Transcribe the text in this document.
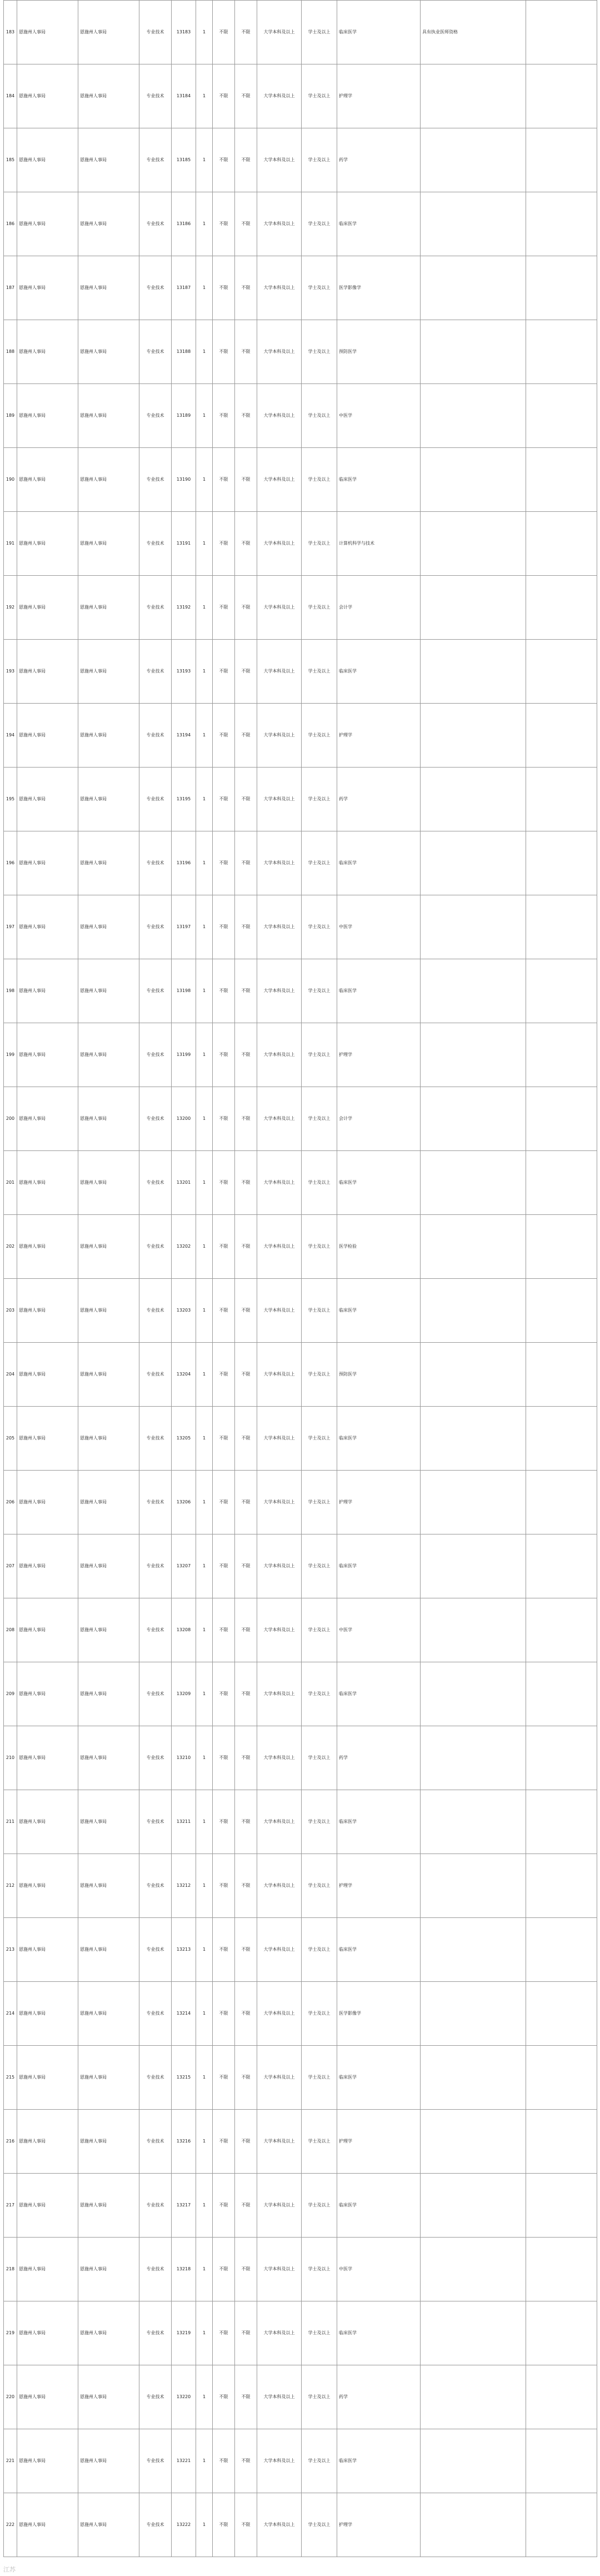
183	恩施州人事局	恩施州人事局	专业技术	13183	1	不限	不限	大学本科及以上	学士及以上	临床医学	具有执业医师资格	
184	恩施州人事局	恩施州人事局	专业技术	13184	1	不限	不限	大学本科及以上	学士及以上	护理学		
185	恩施州人事局	恩施州人事局	专业技术	13185	1	不限	不限	大学本科及以上	学士及以上	药学		
186	恩施州人事局	恩施州人事局	专业技术	13186	1	不限	不限	大学本科及以上	学士及以上	临床医学		
187	恩施州人事局	恩施州人事局	专业技术	13187	1	不限	不限	大学本科及以上	学士及以上	医学影像学		
188	恩施州人事局	恩施州人事局	专业技术	13188	1	不限	不限	大学本科及以上	学士及以上	预防医学		
189	恩施州人事局	恩施州人事局	专业技术	13189	1	不限	不限	大学本科及以上	学士及以上	中医学		
190	恩施州人事局	恩施州人事局	专业技术	13190	1	不限	不限	大学本科及以上	学士及以上	临床医学		
191	恩施州人事局	恩施州人事局	专业技术	13191	1	不限	不限	大学本科及以上	学士及以上	计算机科学与技术		
192	恩施州人事局	恩施州人事局	专业技术	13192	1	不限	不限	大学本科及以上	学士及以上	会计学		
193	恩施州人事局	恩施州人事局	专业技术	13193	1	不限	不限	大学本科及以上	学士及以上	临床医学		
194	恩施州人事局	恩施州人事局	专业技术	13194	1	不限	不限	大学本科及以上	学士及以上	护理学		
195	恩施州人事局	恩施州人事局	专业技术	13195	1	不限	不限	大学本科及以上	学士及以上	药学		
196	恩施州人事局	恩施州人事局	专业技术	13196	1	不限	不限	大学本科及以上	学士及以上	临床医学		
197	恩施州人事局	恩施州人事局	专业技术	13197	1	不限	不限	大学本科及以上	学士及以上	中医学		
198	恩施州人事局	恩施州人事局	专业技术	13198	1	不限	不限	大学本科及以上	学士及以上	临床医学		
199	恩施州人事局	恩施州人事局	专业技术	13199	1	不限	不限	大学本科及以上	学士及以上	护理学		
200	恩施州人事局	恩施州人事局	专业技术	13200	1	不限	不限	大学本科及以上	学士及以上	会计学		
201	恩施州人事局	恩施州人事局	专业技术	13201	1	不限	不限	大学本科及以上	学士及以上	临床医学		
202	恩施州人事局	恩施州人事局	专业技术	13202	1	不限	不限	大学本科及以上	学士及以上	医学检验		
203	恩施州人事局	恩施州人事局	专业技术	13203	1	不限	不限	大学本科及以上	学士及以上	临床医学		
204	恩施州人事局	恩施州人事局	专业技术	13204	1	不限	不限	大学本科及以上	学士及以上	预防医学		
205	恩施州人事局	恩施州人事局	专业技术	13205	1	不限	不限	大学本科及以上	学士及以上	临床医学		
206	恩施州人事局	恩施州人事局	专业技术	13206	1	不限	不限	大学本科及以上	学士及以上	护理学		
207	恩施州人事局	恩施州人事局	专业技术	13207	1	不限	不限	大学本科及以上	学士及以上	临床医学		
208	恩施州人事局	恩施州人事局	专业技术	13208	1	不限	不限	大学本科及以上	学士及以上	中医学		
209	恩施州人事局	恩施州人事局	专业技术	13209	1	不限	不限	大学本科及以上	学士及以上	临床医学		
210	恩施州人事局	恩施州人事局	专业技术	13210	1	不限	不限	大学本科及以上	学士及以上	药学		
211	恩施州人事局	恩施州人事局	专业技术	13211	1	不限	不限	大学本科及以上	学士及以上	临床医学		
212	恩施州人事局	恩施州人事局	专业技术	13212	1	不限	不限	大学本科及以上	学士及以上	护理学		
213	恩施州人事局	恩施州人事局	专业技术	13213	1	不限	不限	大学本科及以上	学士及以上	临床医学		
214	恩施州人事局	恩施州人事局	专业技术	13214	1	不限	不限	大学本科及以上	学士及以上	医学影像学		
215	恩施州人事局	恩施州人事局	专业技术	13215	1	不限	不限	大学本科及以上	学士及以上	临床医学		
216	恩施州人事局	恩施州人事局	专业技术	13216	1	不限	不限	大学本科及以上	学士及以上	护理学		
217	恩施州人事局	恩施州人事局	专业技术	13217	1	不限	不限	大学本科及以上	学士及以上	临床医学		
218	恩施州人事局	恩施州人事局	专业技术	13218	1	不限	不限	大学本科及以上	学士及以上	中医学		
219	恩施州人事局	恩施州人事局	专业技术	13219	1	不限	不限	大学本科及以上	学士及以上	临床医学		
220	恩施州人事局	恩施州人事局	专业技术	13220	1	不限	不限	大学本科及以上	学士及以上	药学		
221	恩施州人事局	恩施州人事局	专业技术	13221	1	不限	不限	大学本科及以上	学士及以上	临床医学		
222	恩施州人事局	恩施州人事局	专业技术	13222	1	不限	不限	大学本科及以上	学士及以上	护理学		
江苏
